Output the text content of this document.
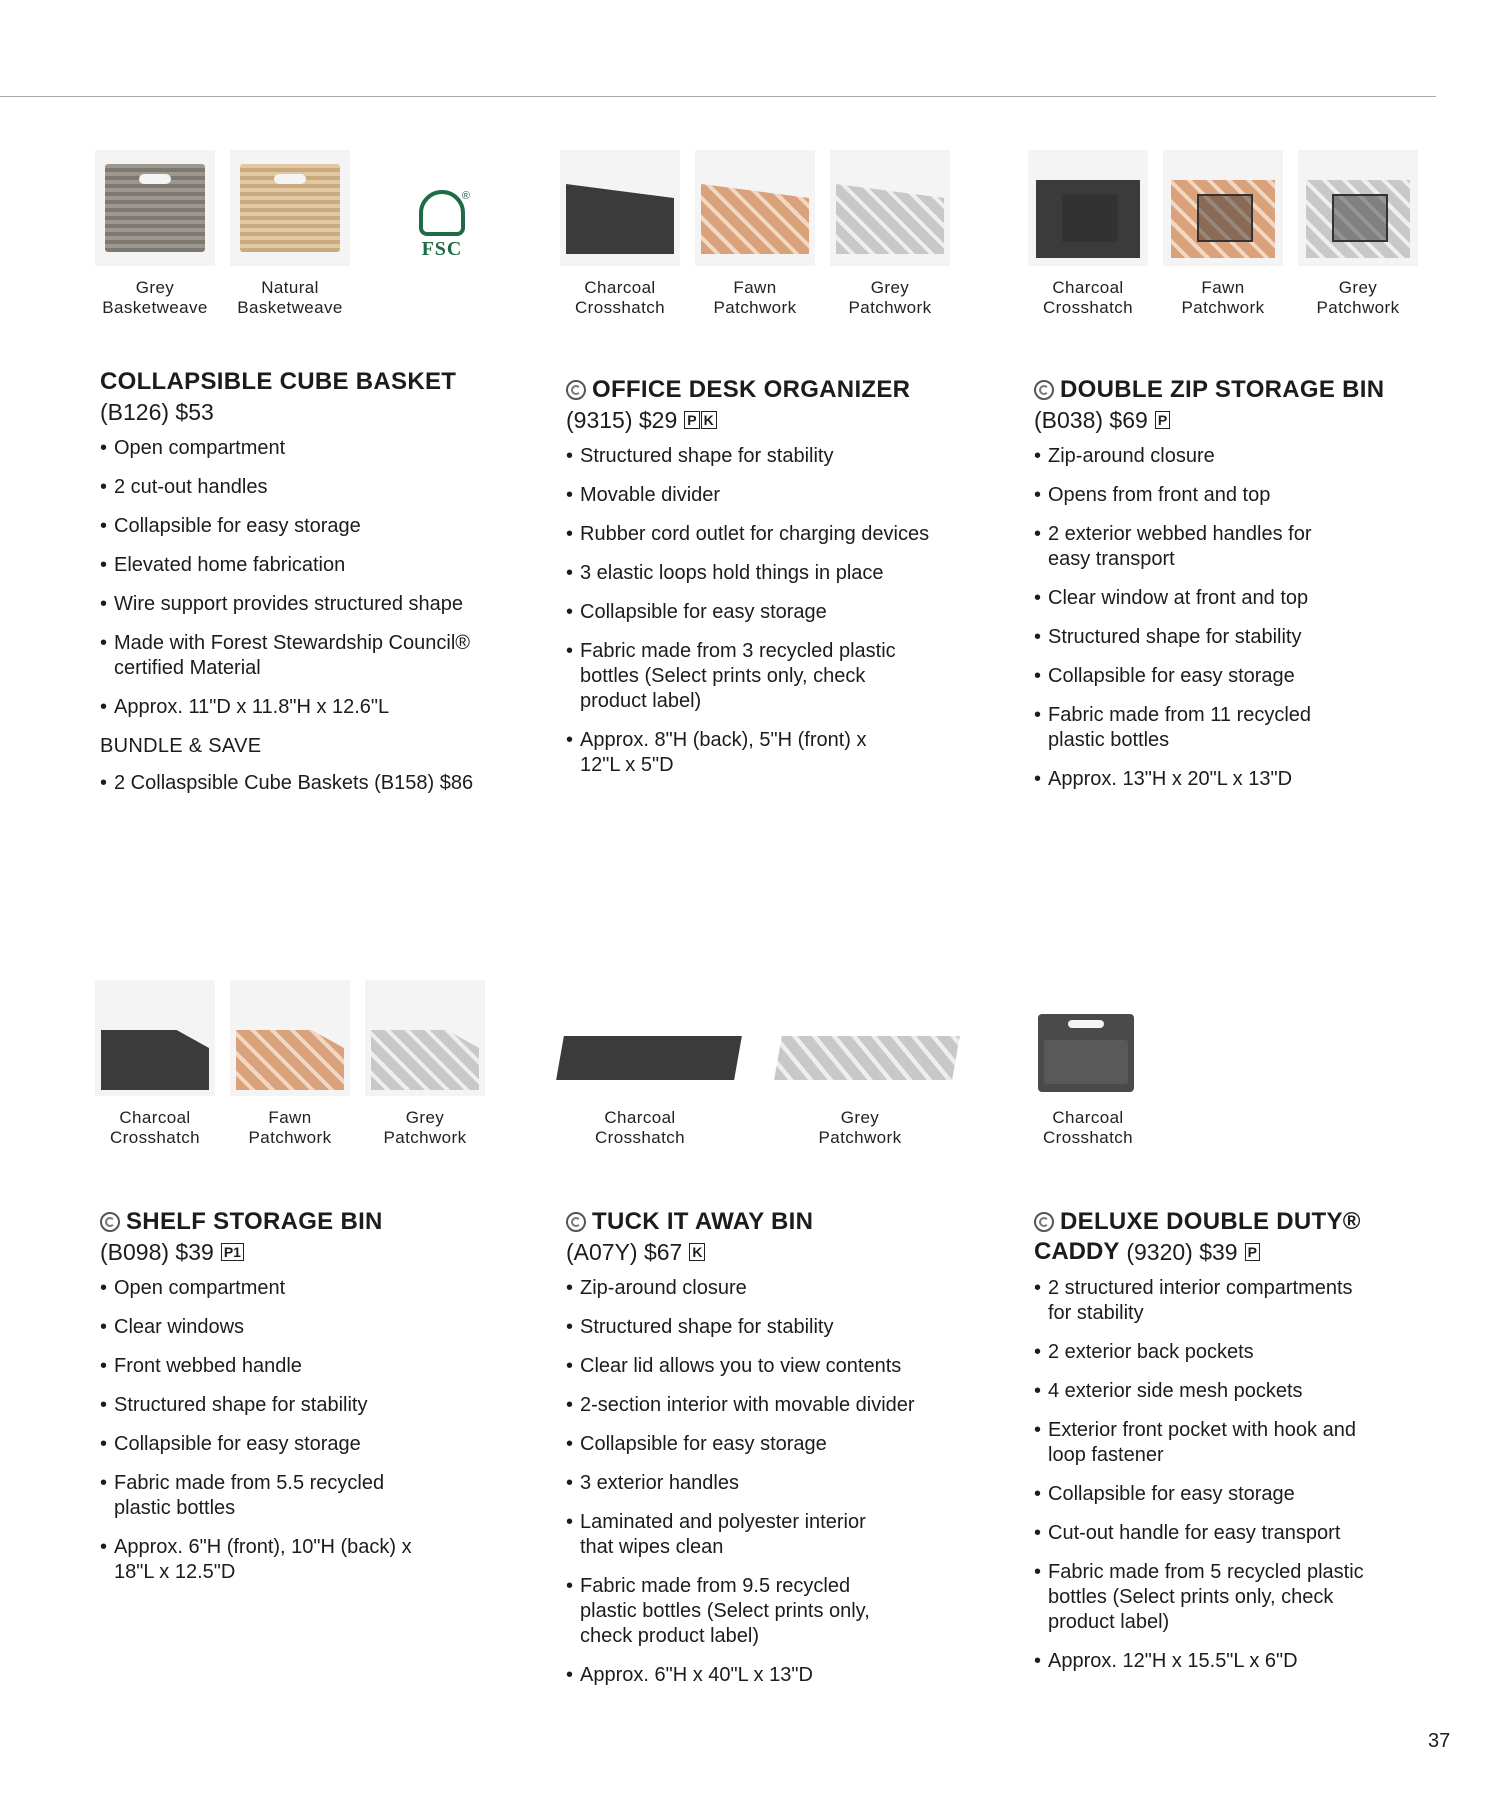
Grey
Basketweave
Natural
Basketweave
®
FSC
COLLAPSIBLE CUBE BASKET
(B126) $53
• Open compartment
• 2 cut-out handles
• Collapsible for easy storage
• Elevated home fabrication
• Wire support provides structured shape
• Made with Forest Stewardship Council® certified Material
• Approx. 11"D x 11.8"H x 12.6"L
BUNDLE & SAVE
• 2 Collaspsible Cube Baskets (B158) $86
Charcoal
Crosshatch
Fawn
Patchwork
Grey
Patchwork
OFFICE DESK ORGANIZER
(9315) $29 P K
• Structured shape for stability
• Movable divider
• Rubber cord outlet for charging devices
• 3 elastic loops hold things in place
• Collapsible for easy storage
• Fabric made from 3 recycled plastic bottles (Select prints only, check product label)
• Approx. 8"H (back), 5"H (front) x 12"L x 5"D
Charcoal
Crosshatch
Fawn
Patchwork
Grey
Patchwork
DOUBLE ZIP STORAGE BIN
(B038) $69 P
• Zip-around closure
• Opens from front and top
• 2 exterior webbed handles for easy transport
• Clear window at front and top
• Structured shape for stability
• Collapsible for easy storage
• Fabric made from 11 recycled plastic bottles
• Approx. 13"H x 20"L x 13"D
Charcoal
Crosshatch
Fawn
Patchwork
Grey
Patchwork
SHELF STORAGE BIN
(B098) $39 P1
• Open compartment
• Clear windows
• Front webbed handle
• Structured shape for stability
• Collapsible for easy storage
• Fabric made from 5.5 recycled plastic bottles
• Approx. 6"H (front), 10"H (back) x 18"L x 12.5"D
Charcoal
Crosshatch
Grey
Patchwork
TUCK IT AWAY BIN
(A07Y) $67 K
• Zip-around closure
• Structured shape for stability
• Clear lid allows you to view contents
• 2-section interior with movable divider
• Collapsible for easy storage
• 3 exterior handles
• Laminated and polyester interior that wipes clean
• Fabric made from 9.5 recycled plastic bottles (Select prints only, check product label)
• Approx. 6"H x 40"L x 13"D
Charcoal
Crosshatch
DELUXE DOUBLE DUTY®
CADDY (9320) $39 P
• 2 structured interior compartments for stability
• 2 exterior back pockets
• 4 exterior side mesh pockets
• Exterior front pocket with hook and loop fastener
• Collapsible for easy storage
• Cut-out handle for easy transport
• Fabric made from 5 recycled plastic bottles (Select prints only, check product label)
• Approx. 12"H x 15.5"L x 6"D
37
